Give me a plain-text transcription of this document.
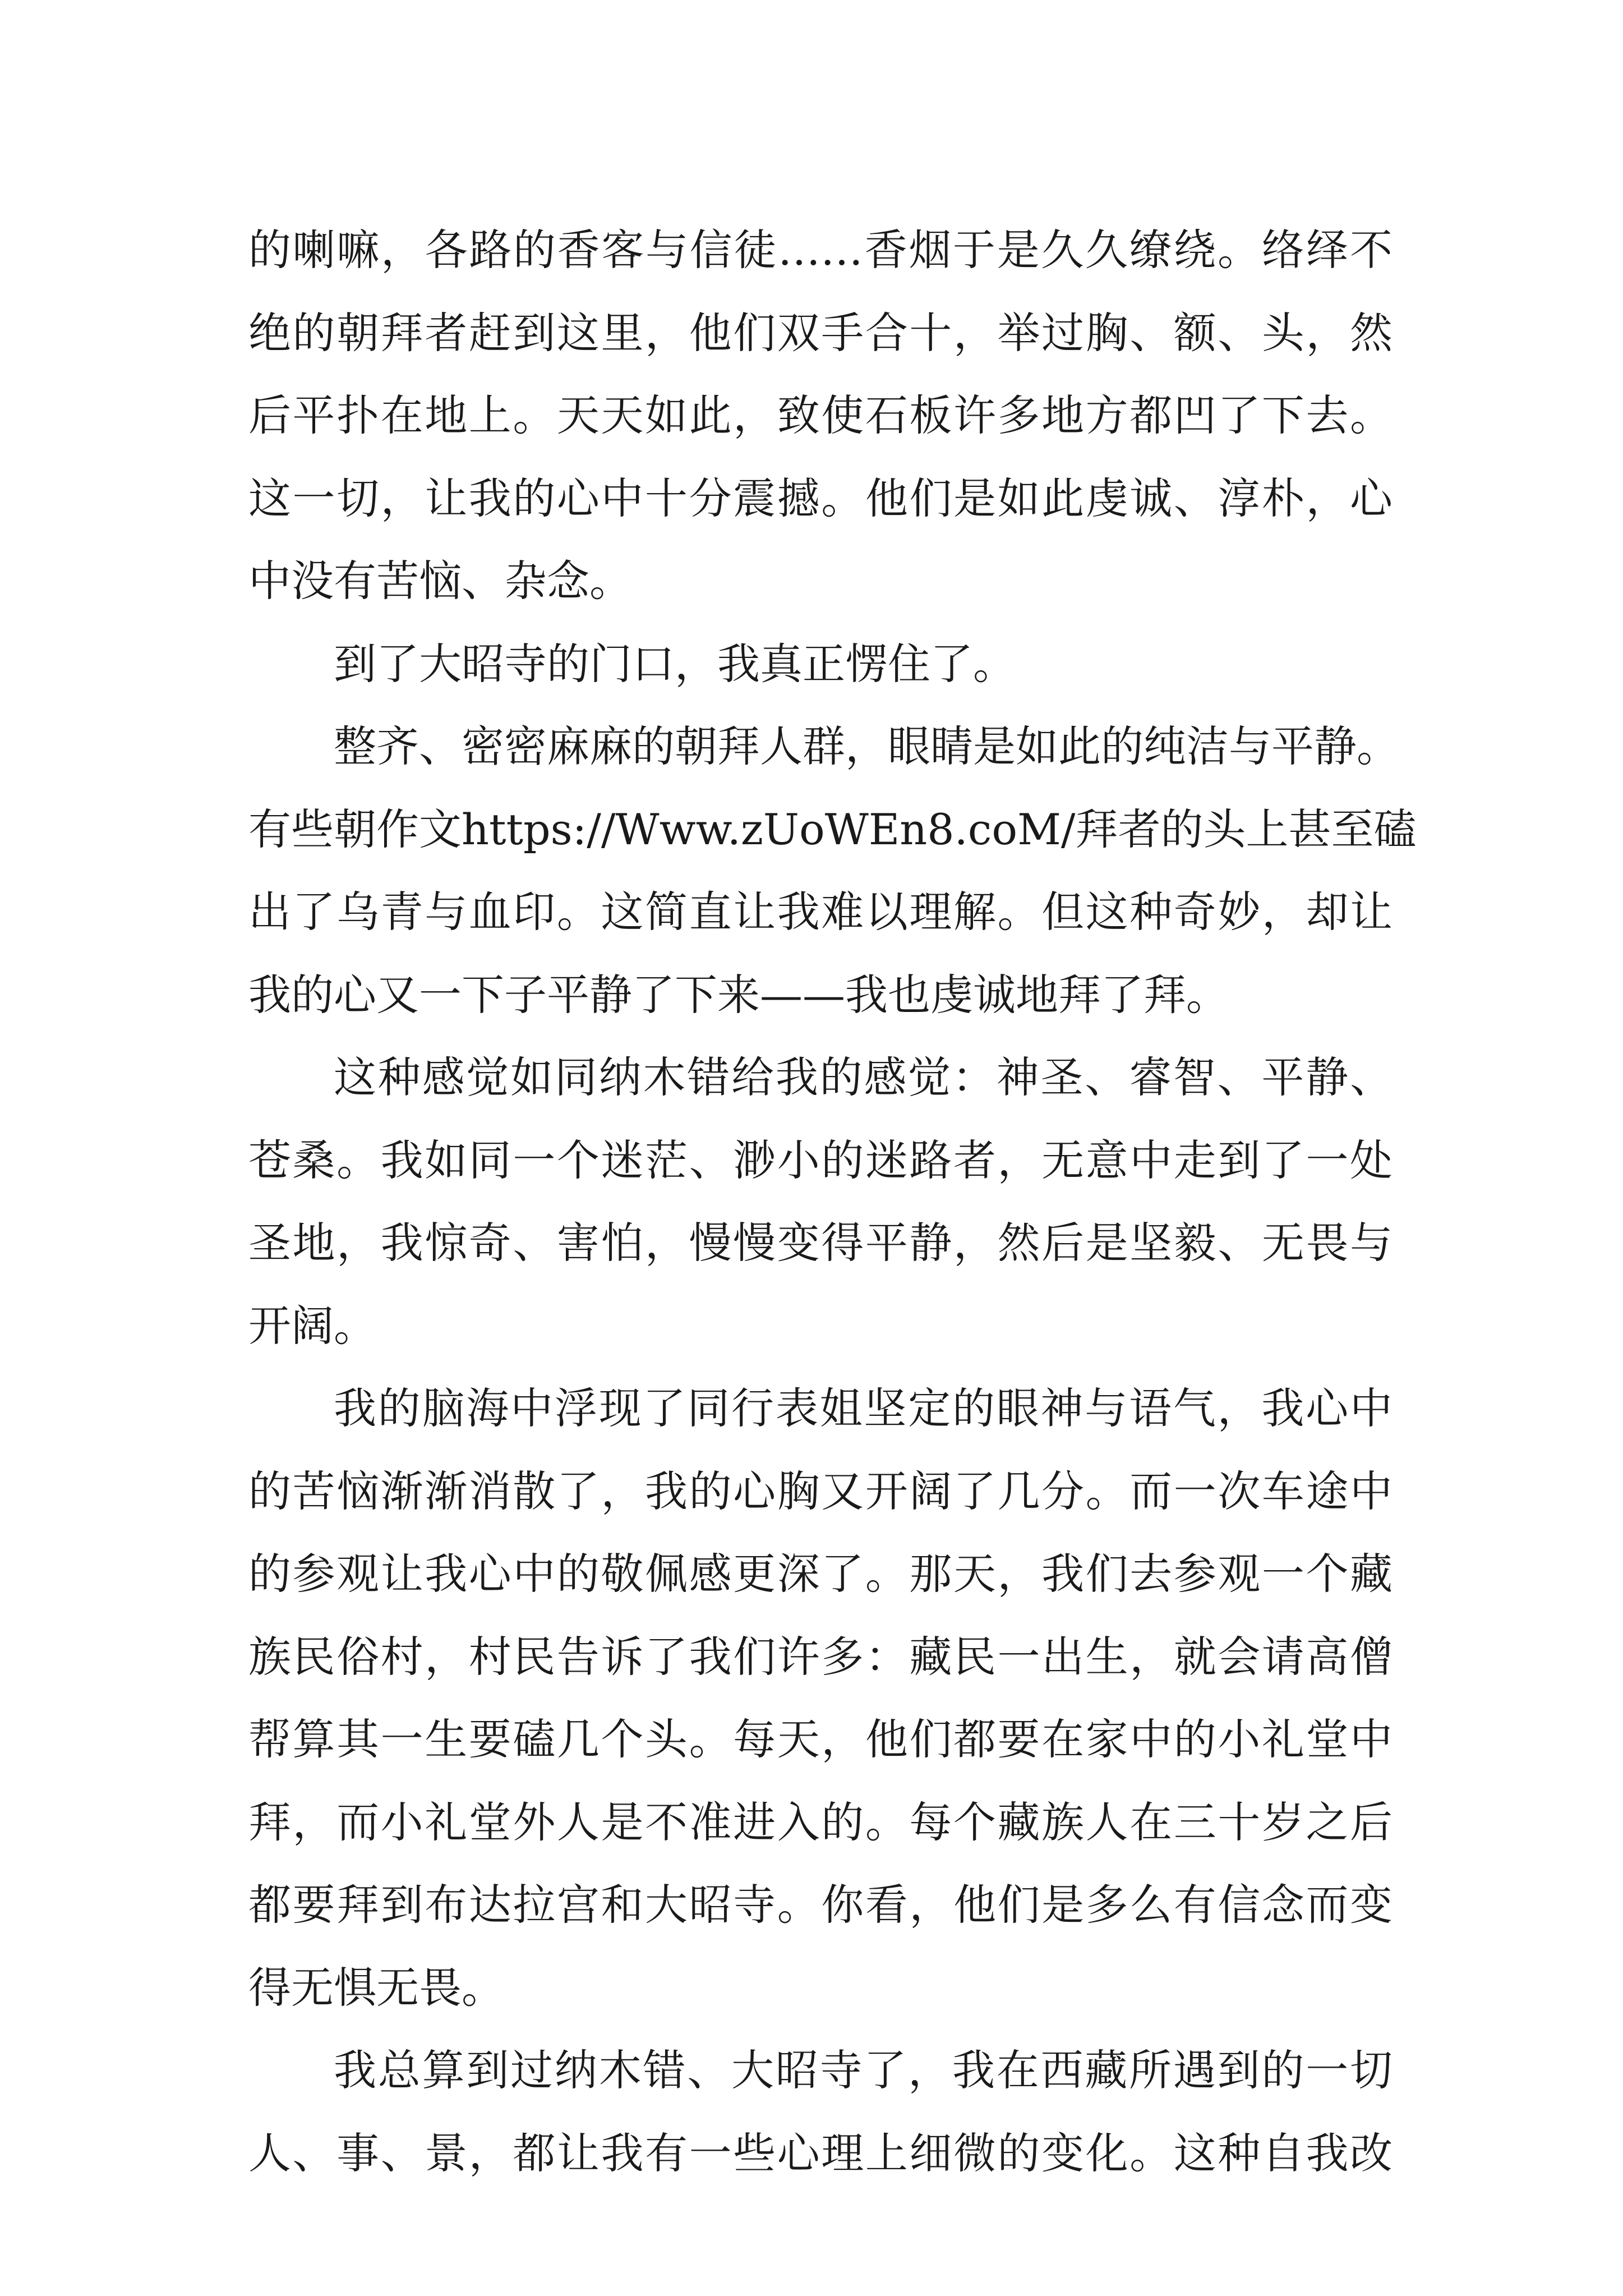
的喇嘛，各路的香客与信徒……香烟于是久久缭绕。络绎不
绝的朝拜者赶到这里，他们双手合十，举过胸、额、头，然
后平扑在地上。天天如此，致使石板许多地方都凹了下去。
这一切，让我的心中十分震撼。他们是如此虔诚、淳朴，心
中没有苦恼、杂念。
到了大昭寺的门口，我真正愣住了。
整齐、密密麻麻的朝拜人群，眼睛是如此的纯洁与平静。
有些朝作文https://Www.zUoWEn8.coM/拜者的头上甚至磕
出了乌青与血印。这简直让我难以理解。但这种奇妙，却让
我的心又一下子平静了下来——我也虔诚地拜了拜。
这种感觉如同纳木错给我的感觉：神圣、睿智、平静、
苍桑。我如同一个迷茫、渺小的迷路者，无意中走到了一处
圣地，我惊奇、害怕，慢慢变得平静，然后是坚毅、无畏与
开阔。
我的脑海中浮现了同行表姐坚定的眼神与语气，我心中
的苦恼渐渐消散了，我的心胸又开阔了几分。而一次车途中
的参观让我心中的敬佩感更深了。那天，我们去参观一个藏
族民俗村，村民告诉了我们许多：藏民一出生，就会请高僧
帮算其一生要磕几个头。每天，他们都要在家中的小礼堂中
拜，而小礼堂外人是不准进入的。每个藏族人在三十岁之后
都要拜到布达拉宫和大昭寺。你看，他们是多么有信念而变
得无惧无畏。
我总算到过纳木错、大昭寺了，我在西藏所遇到的一切
人、事、景，都让我有一些心理上细微的变化。这种自我改
